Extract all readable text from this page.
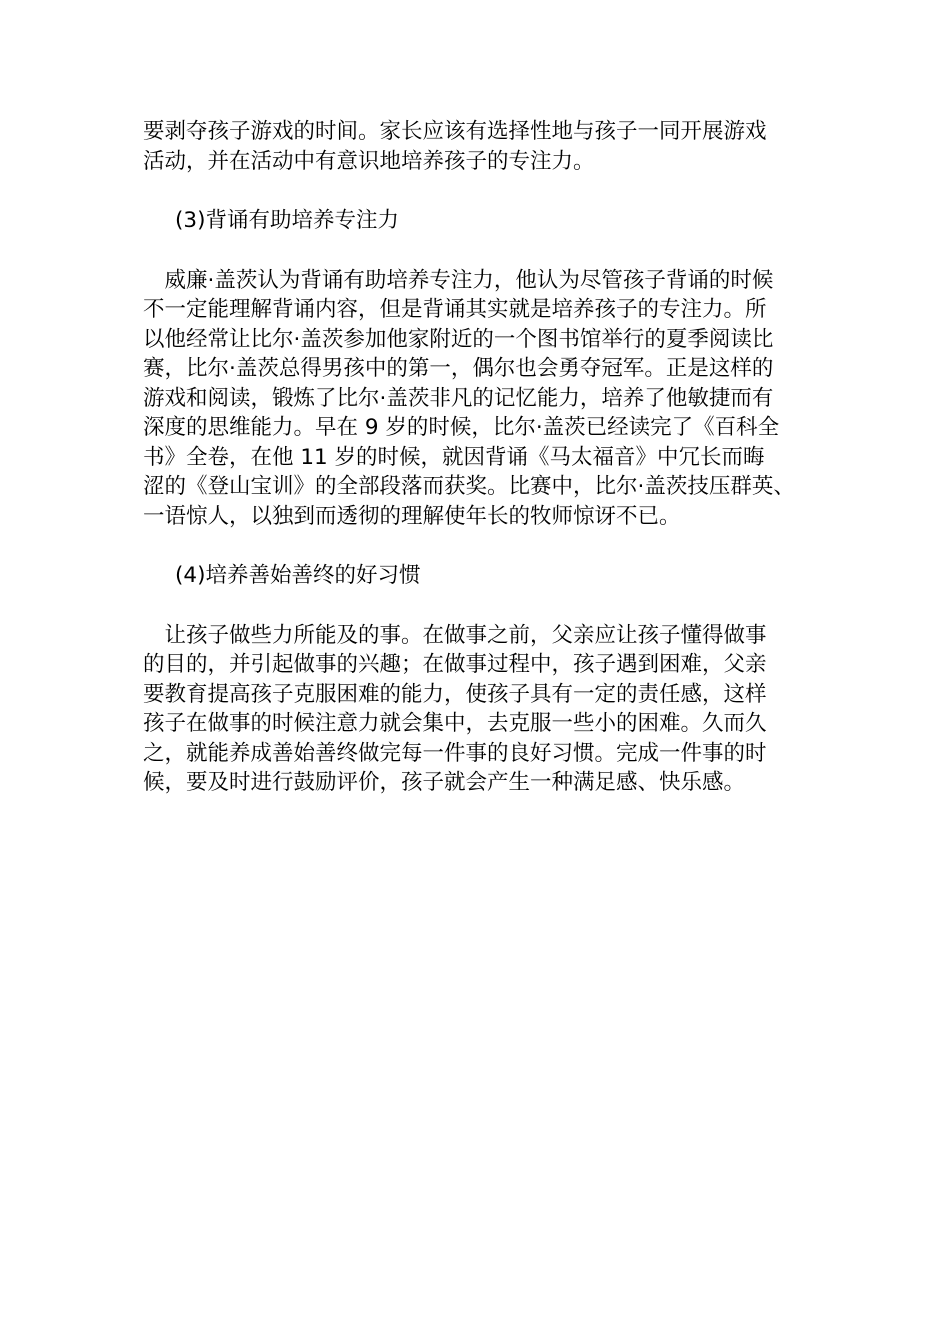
要剥夺孩子游戏的时间。家长应该有选择性地与孩子一同开展游戏
活动，并在活动中有意识地培养孩子的专注力。
(3)背诵有助培养专注力
　威廉·盖茨认为背诵有助培养专注力，他认为尽管孩子背诵的时候
不一定能理解背诵内容，但是背诵其实就是培养孩子的专注力。所
以他经常让比尔·盖茨参加他家附近的一个图书馆举行的夏季阅读比
赛，比尔·盖茨总得男孩中的第一，偶尔也会勇夺冠军。正是这样的
游戏和阅读，锻炼了比尔·盖茨非凡的记忆能力，培养了他敏捷而有
深度的思维能力。早在 9 岁的时候，比尔·盖茨已经读完了《百科全
书》全卷，在他 11 岁的时候，就因背诵《马太福音》中冗长而晦
涩的《登山宝训》的全部段落而获奖。比赛中，比尔·盖茨技压群英、
一语惊人，以独到而透彻的理解使年长的牧师惊讶不已。
(4)培养善始善终的好习惯
　让孩子做些力所能及的事。在做事之前，父亲应让孩子懂得做事
的目的，并引起做事的兴趣；在做事过程中，孩子遇到困难，父亲
要教育提高孩子克服困难的能力，使孩子具有一定的责任感，这样
孩子在做事的时候注意力就会集中，去克服一些小的困难。久而久
之，就能养成善始善终做完每一件事的良好习惯。完成一件事的时
候，要及时进行鼓励评价，孩子就会产生一种满足感、快乐感。
